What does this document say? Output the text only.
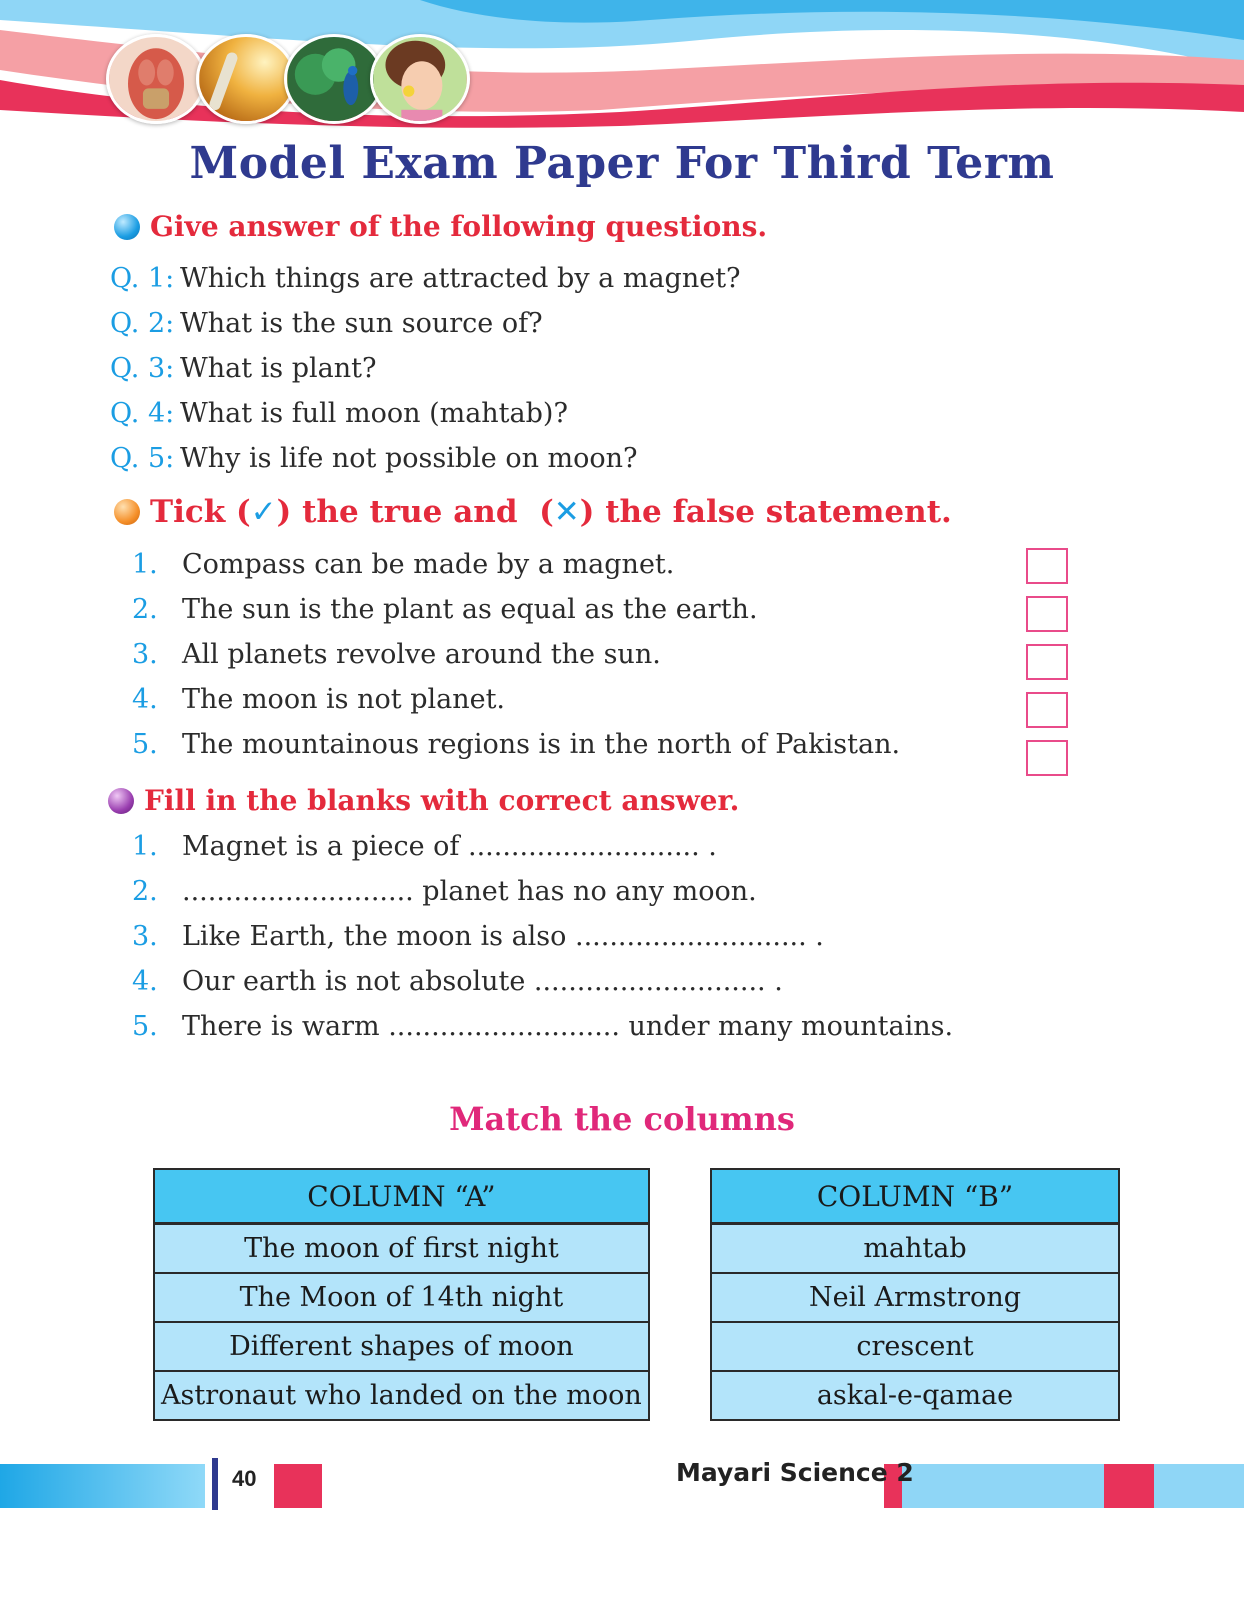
Model Exam Paper For Third Term
Give answer of the following questions.
Q. 1: Which things are attracted by a magnet?
Q. 2: What is the sun source of?
Q. 3: What is plant?
Q. 4: What is full moon (mahtab)?
Q. 5: Why is life not possible on moon?
Tick ( ✓ ) the true and  ( ✕ ) the false statement.
1. Compass can be made by a magnet.
2. The sun is the plant as equal as the earth.
3. All planets revolve around the sun.
4. The moon is not planet.
5. The mountainous regions is in the north of Pakistan.
Fill in the blanks with correct answer.
1. Magnet is a piece of ........................... .
2. ........................... planet has no any moon.
3. Like Earth, the moon is also ........................... .
4. Our earth is not absolute ........................... .
5. There is warm ........................... under many mountains.
Match the columns
COLUMN “A”
The moon of first night
The Moon of 14th night
Different shapes of moon
Astronaut who landed on the moon
COLUMN “B”
mahtab
Neil Armstrong
crescent
askal-e-qamae
40	Mayari Science 2
